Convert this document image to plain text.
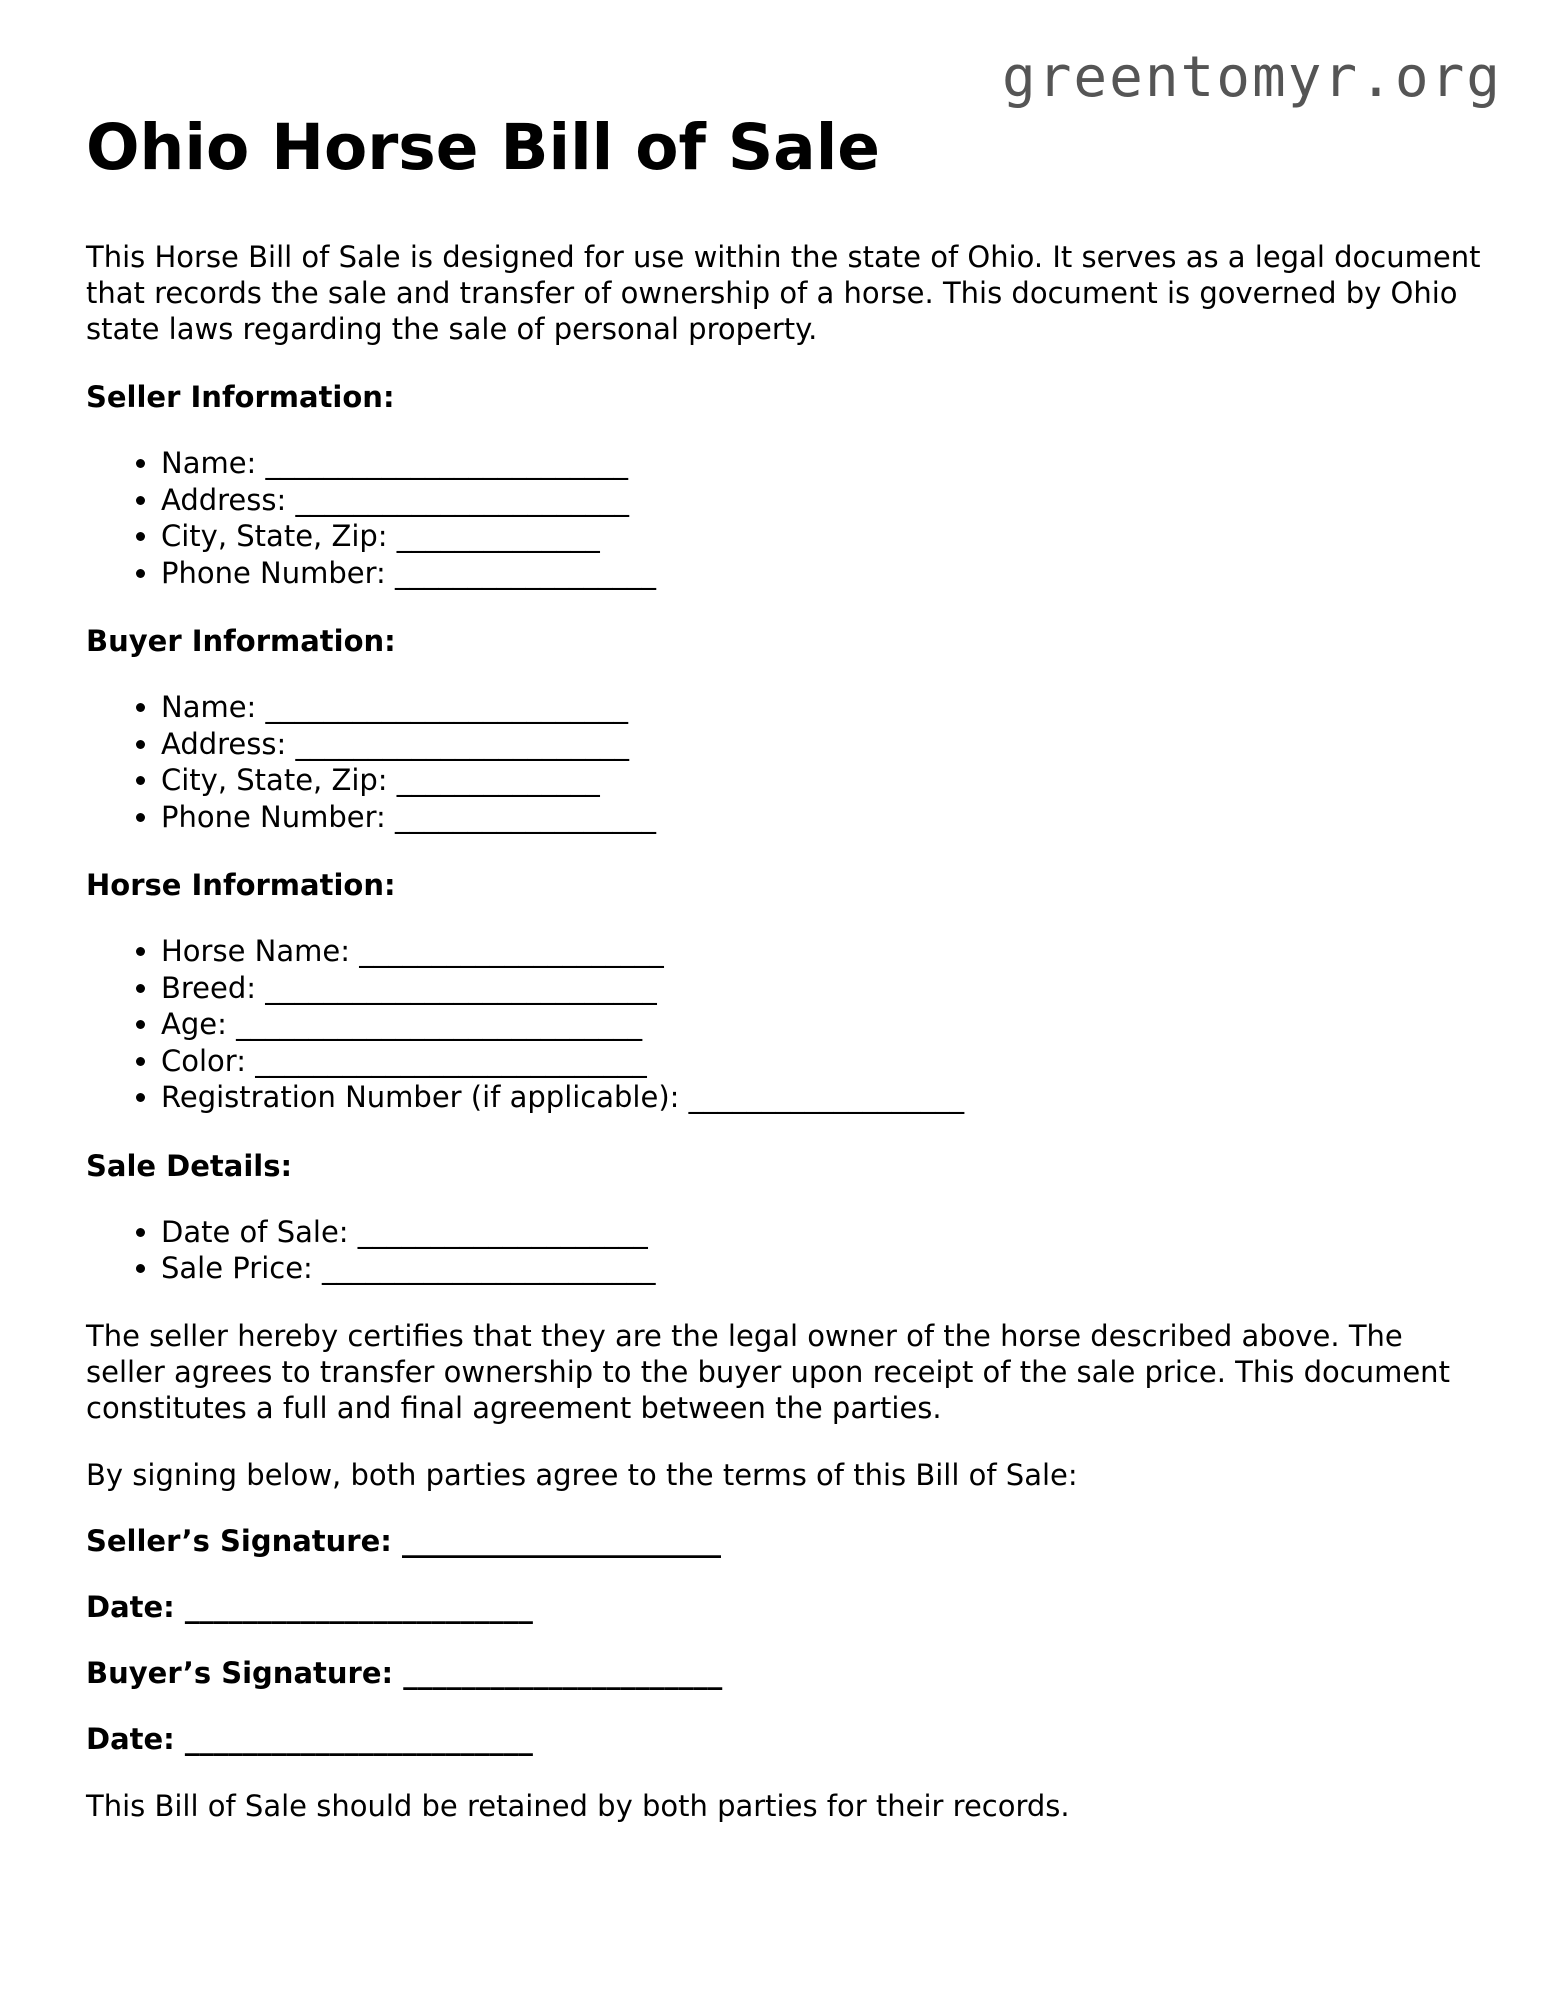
greentomyr.org
Ohio Horse Bill of Sale

This Horse Bill of Sale is designed for use within the state of Ohio. It serves as a legal document that records the sale and transfer of ownership of a horse. This document is governed by Ohio state laws regarding the sale of personal property.

Seller Information:

• Name: _________________________
• Address: _______________________
• City, State, Zip: ______________
• Phone Number: __________________

Buyer Information:

• Name: _________________________
• Address: _______________________
• City, State, Zip: ______________
• Phone Number: __________________

Horse Information:

• Horse Name: _____________________
• Breed: ___________________________
• Age: ____________________________
• Color: ___________________________
• Registration Number (if applicable): ___________________

Sale Details:

• Date of Sale: ____________________
• Sale Price: _______________________

The seller hereby certifies that they are the legal owner of the horse described above. The seller agrees to transfer ownership to the buyer upon receipt of the sale price. This document constitutes a full and final agreement between the parties.

By signing below, both parties agree to the terms of this Bill of Sale:

Seller’s Signature: ______________________

Date: ________________________

Buyer’s Signature: ______________________

Date: ________________________

This Bill of Sale should be retained by both parties for their records.
